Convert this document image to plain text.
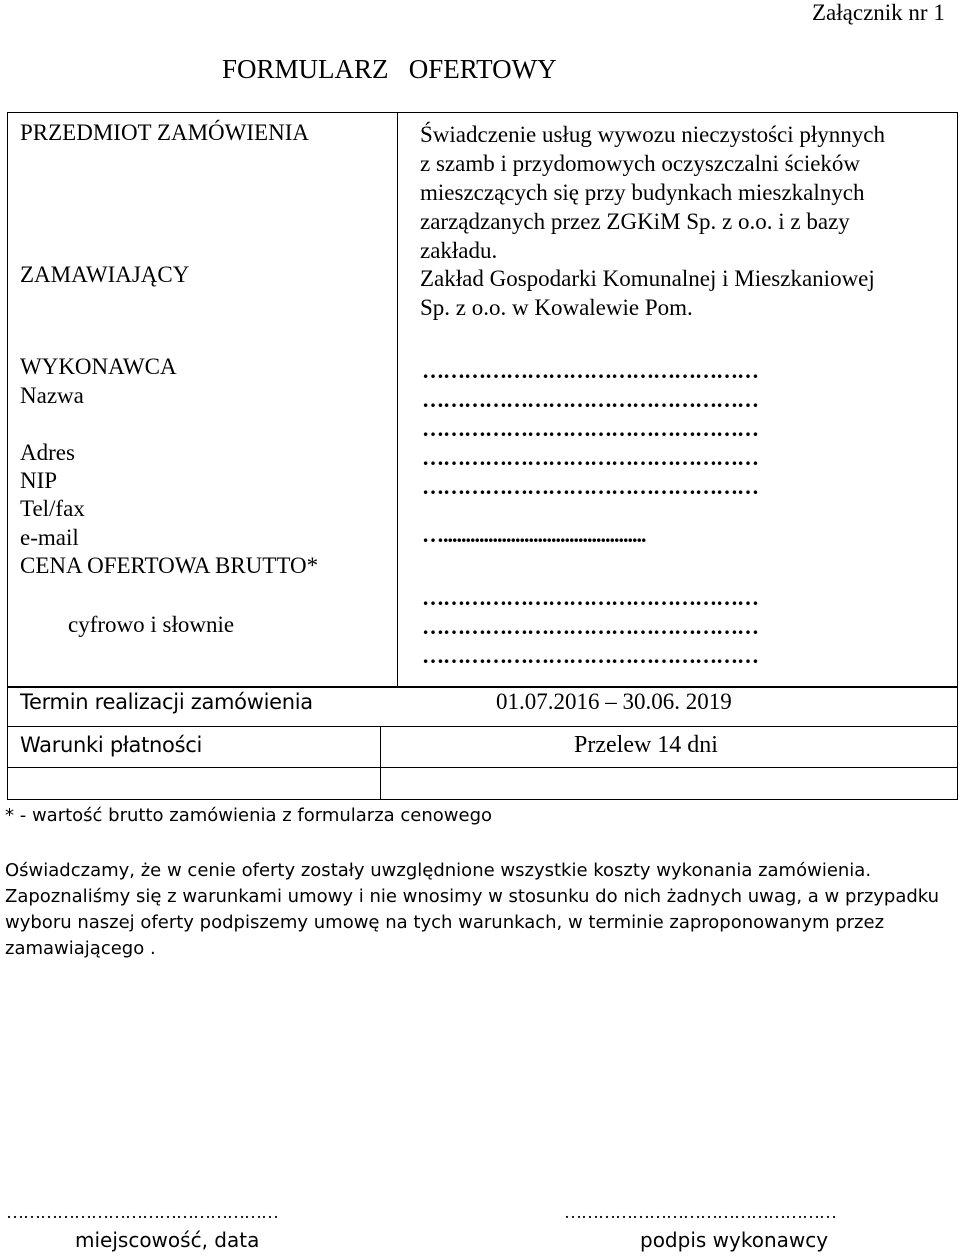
Załącznik nr 1
FORMULARZ   OFERTOWY
PRZEDMIOT ZAMÓWIENIA
ZAMAWIAJĄCY
WYKONAWCA
Nazwa
Adres
NIP
Tel/fax
e-mail
CENA OFERTOWA BRUTTO*
cyfrowo i słownie
Świadczenie usług wywozu nieczystości płynnych
z szamb i przydomowych oczyszczalni ścieków
mieszczących się przy budynkach mieszkalnych
zarządzanych przez ZGKiM Sp. z o.o. i z bazy
zakładu.
Zakład Gospodarki Komunalnej i Mieszkaniowej
Sp. z o.o. w Kowalewie Pom.
…………………………………………
…………………………………………
…………………………………………
…………………………………………
…………………………………………
….............................................
…………………………………………
…………………………………………
…………………………………………
Termin realizacji zamówienia	01.07.2016 – 30.06. 2019
Warunki płatności	Przelew 14 dni
* - wartość brutto zamówienia z formularza cenowego
Oświadczamy, że w cenie oferty zostały uwzględnione wszystkie koszty wykonania zamówienia.
Zapoznaliśmy się z warunkami umowy i nie wnosimy w stosunku do nich żadnych uwag, a w przypadku
wyboru naszej oferty podpiszemy umowę na tych warunkach, w terminie zaproponowanym przez
zamawiającego .
…………………………………………
miejscowość, data
…………………………………………
podpis wykonawcy
